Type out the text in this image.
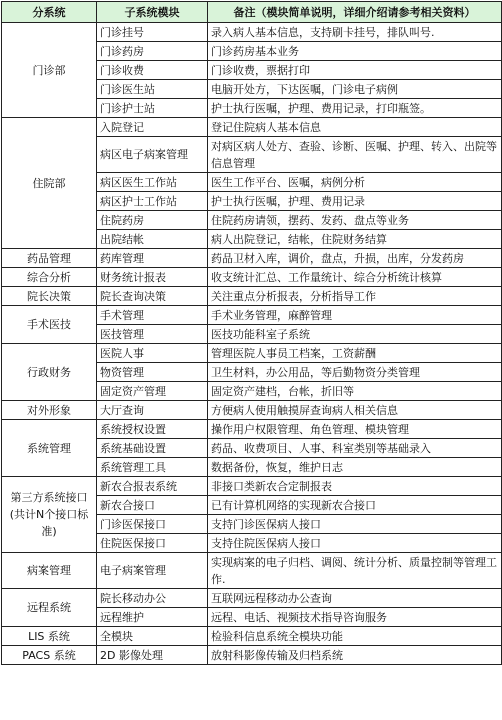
分系统	子系统模块	备注（模块简单说明，详细介绍请参考相关资料）
门诊部	门诊挂号	录入病人基本信息，支持刷卡挂号，排队叫号.
	门诊药房	门诊药房基本业务
	门诊收费	门诊收费，票据打印
	门诊医生站	电脑开处方，下达医嘱，门诊电子病例
	门诊护士站	护士执行医嘱，护理、费用记录，打印瓶签。
住院部	入院登记	登记住院病人基本信息
	病区电子病案管理	对病区病人处方、查验、诊断、医嘱、护理、转入、出院等信息管理
	病区医生工作站	医生工作平台、医嘱，病例分析
	病区护士工作站	护士执行医嘱，护理、费用记录
	住院药房	住院药房请领，摆药、发药、盘点等业务
	出院结帐	病人出院登记，结帐，住院财务结算
药品管理	药库管理	药品卫材入库，调价，盘点，升损，出库，分发药房
综合分析	财务统计报表	收支统计汇总、工作量统计、综合分析统计核算
院长决策	院长查询决策	关注重点分析报表，分析指导工作
手术医技	手术管理	手术业务管理，麻醉管理
	医技管理	医技功能科室子系统
行政财务	医院人事	管理医院人事员工档案，工资薪酬
	物资管理	卫生材料，办公用品，等后勤物资分类管理
	固定资产管理	固定资产建档，台帐，折旧等
对外形象	大厅查询	方便病人使用触摸屏查询病人相关信息
系统管理	系统授权设置	操作用户权限管理、角色管理、模块管理
	系统基础设置	药品、收费项目、人事、科室类别等基础录入
	系统管理工具	数据备份，恢复，维护日志
第三方系统接口(共计N个接口标准)	新农合报表系统	非接口类新农合定制报表
	新农合接口	已有计算机网络的实现新农合接口
	门诊医保接口	支持门诊医保病人接口
	住院医保接口	支持住院医保病人接口
病案管理	电子病案管理	实现病案的电子归档、调阅、统计分析、质量控制等管理工作.
远程系统	院长移动办公	互联网远程移动办公查询
	远程维护	远程、电话、视频技术指导咨询服务
LIS 系统	全模块	检验科信息系统全模块功能
PACS 系统	2D 影像处理	放射科影像传输及归档系统
